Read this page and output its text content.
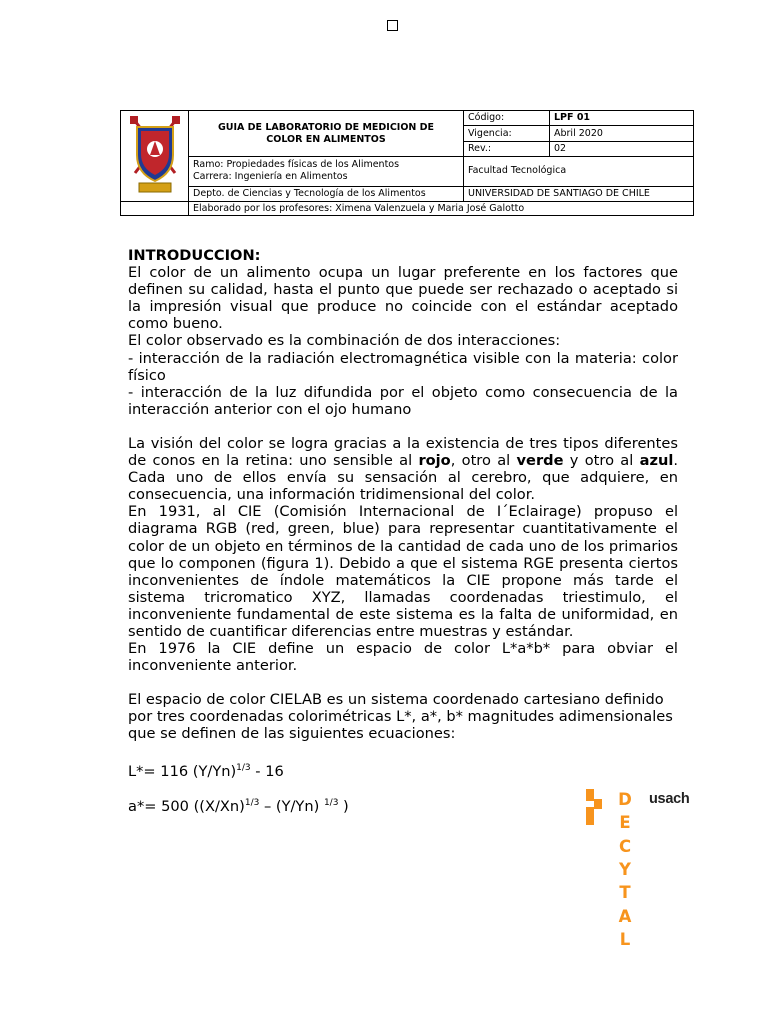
	GUIA DE LABORATORIO DE MEDICION DE
COLOR EN ALIMENTOS	Código:	LPF 01
		Vigencia:	Abril 2020
		Rev.:	02
	Ramo: Propiedades físicas de los Alimentos
Carrera: Ingeniería en Alimentos	Facultad Tecnológica	
	Depto. de Ciencias y Tecnología de los Alimentos	UNIVERSIDAD DE SANTIAGO DE CHILE	
	Elaborado por los profesores: Ximena Valenzuela y Maria José Galotto		

INTRODUCCION:

El color de un alimento ocupa un lugar preferente en los factores que definen su calidad, hasta el punto que puede ser rechazado o aceptado si la impresión visual que produce no coincide con el estándar aceptado como bueno.

El color observado es la combinación de dos interacciones:

- interacción de la radiación electromagnética visible con la materia: color físico

- interacción de la luz difundida por el objeto como consecuencia de la interacción anterior con el ojo humano

La visión del color se logra gracias a la existencia de tres tipos diferentes de conos en la retina: uno sensible al rojo, otro al verde y otro al azul. Cada uno de ellos envía su sensación al cerebro, que adquiere, en consecuencia, una información tridimensional del color.

En 1931, al CIE (Comisión Internacional de I´Eclairage) propuso el diagrama RGB (red, green, blue) para representar cuantitativamente el color de un objeto en términos de la cantidad de cada uno de los primarios que lo componen (figura 1). Debido a que el sistema RGE presenta ciertos inconvenientes de índole matemáticos la CIE propone más tarde el sistema tricromatico XYZ, llamadas coordenadas triestimulo, el inconveniente fundamental de este sistema es la falta de uniformidad, en sentido de cuantificar diferencias entre muestras y estándar.

En 1976 la CIE define un espacio de color L*a*b* para obviar el inconveniente anterior.

El espacio de color CIELAB es un sistema coordenado cartesiano definido por tres coordenadas colorimétricas L*, a*, b* magnitudes adimensionales que se definen de las siguientes ecuaciones:

L*= 116 $(Y/Yn)^{1/3} - 16$

a*= 500 ($(X/Xn)^{1/3} - (Y/Yn)$ $^{1/3}$ )	D
E
C
Y
T
A
L
usach
